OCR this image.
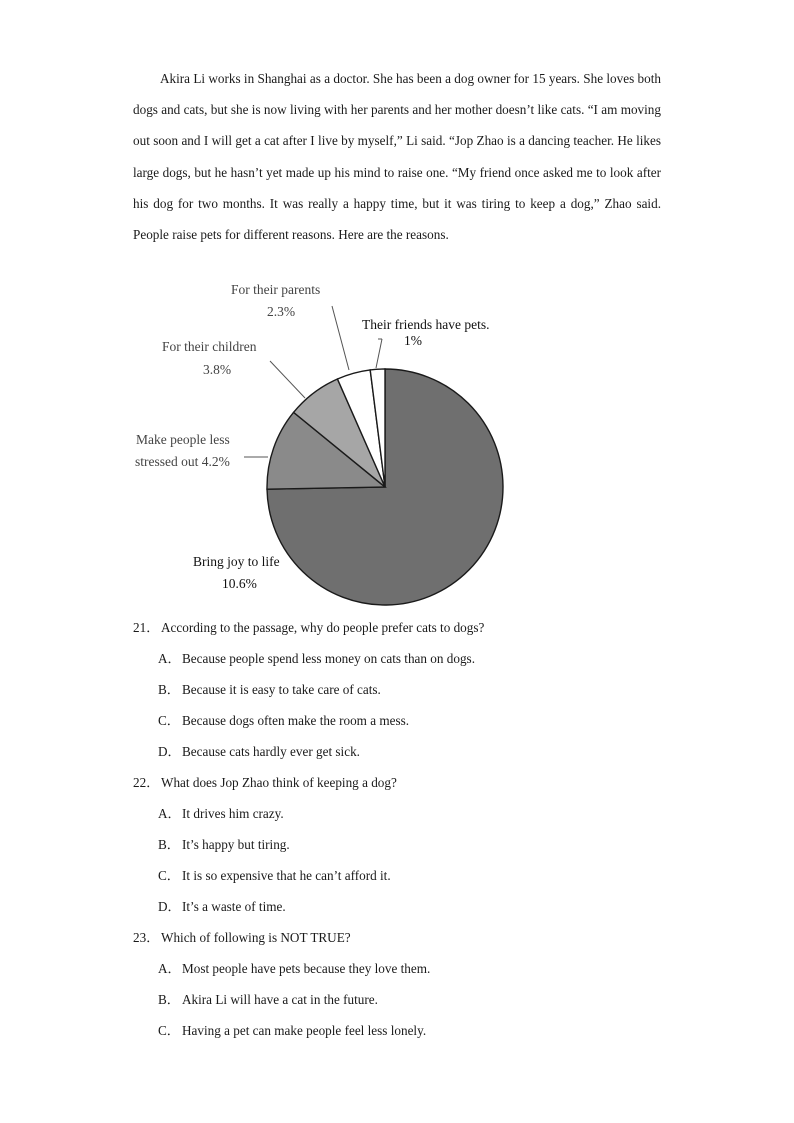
Akira Li works in Shanghai as a doctor. She has been a dog owner for 15 years. She loves both dogs and cats, but she is now living with her parents and her mother doesn’t like cats. “I am moving out soon and I will get a cat after I live by myself,” Li said. “Jop Zhao is a dancing teacher. He likes large dogs, but he hasn’t yet made up his mind to raise one. “My friend once asked me to look after his dog for two months. It was really a happy time, but it was tiring to keep a dog,” Zhao said. People raise pets for different reasons. Here are the reasons.

For their parents
2.3%
Their friends have pets.
1%
For their children
3.8%
Make people less
stressed out 4.2%
Bring joy to life
10.6%
21． According to the passage, why do people prefer cats to dogs?
A．Because people spend less money on cats than on dogs.
B． Because it is easy to take care of cats.
C． Because dogs often make the room a mess.
D．Because cats hardly ever get sick.
22． What does Jop Zhao think of keeping a dog?
A．It drives him crazy.
B． It’s happy but tiring.
C． It is so expensive that he can’t afford it.
D．It’s a waste of time.
23． Which of following is NOT TRUE?
A．Most people have pets because they love them.
B． Akira Li will have a cat in the future.
C． Having a pet can make people feel less lonely.
